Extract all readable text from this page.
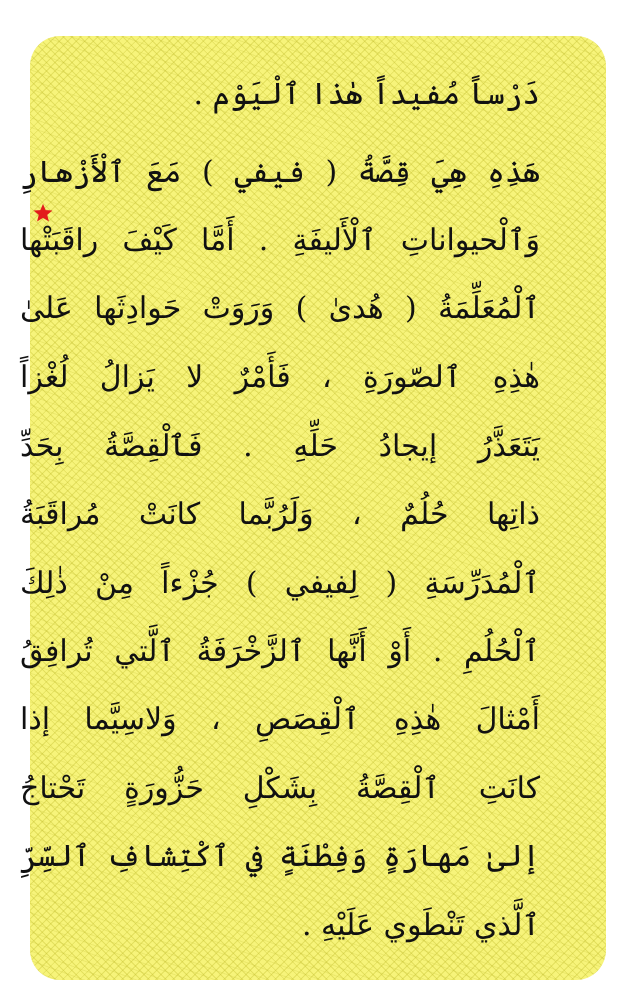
دَرْساً مُفيداً هٰذا ٱلْيَوْم .
هَذِهِ هِيَ قِصَّةُ ( فيفي ) مَعَ ٱلْأَزْهارِ
وَٱلْحيواناتِ ٱلْأَليفَةِ . أَمَّا كَيْفَ راقَبَتْها
ٱلْمُعَلِّمَةُ ( هُدىٰ ) وَرَوَتْ حَوادِثَها عَلىٰ
هٰذِهِ ٱلصّورَةِ ، فَأَمْرٌ لا يَزالُ لُغْزاً
يَتَعَذَّرُ إيجادُ حَلِّهِ . فَٱلْقِصَّةُ بِحَدِّ
ذاتِها حُلُمٌ ، وَلَرُبَّما كانَتْ مُراقَبَةُ
ٱلْمُدَرِّسَةِ ( لِفيفي ) جُزْءاً مِنْ ذٰلِكَ
ٱلْحُلُمِ . أَوْ أَنَّها ٱلزَّخْرَفَةُ ٱلَّتي تُرافِقُ
أَمْثالَ هٰذِهِ ٱلْقِصَصِ ، وَلاسِيَّما إذا
كانَتِ ٱلْقِصَّةُ بِشَكْلِ حَزُّورَةٍ تَحْتاجُ
إلىٰ مَهارَةٍ وَفِطْنَةٍ في ٱكْتِشافِ ٱلسِّرِّ
ٱلَّذي تَنْطَوي عَلَيْهِ .
